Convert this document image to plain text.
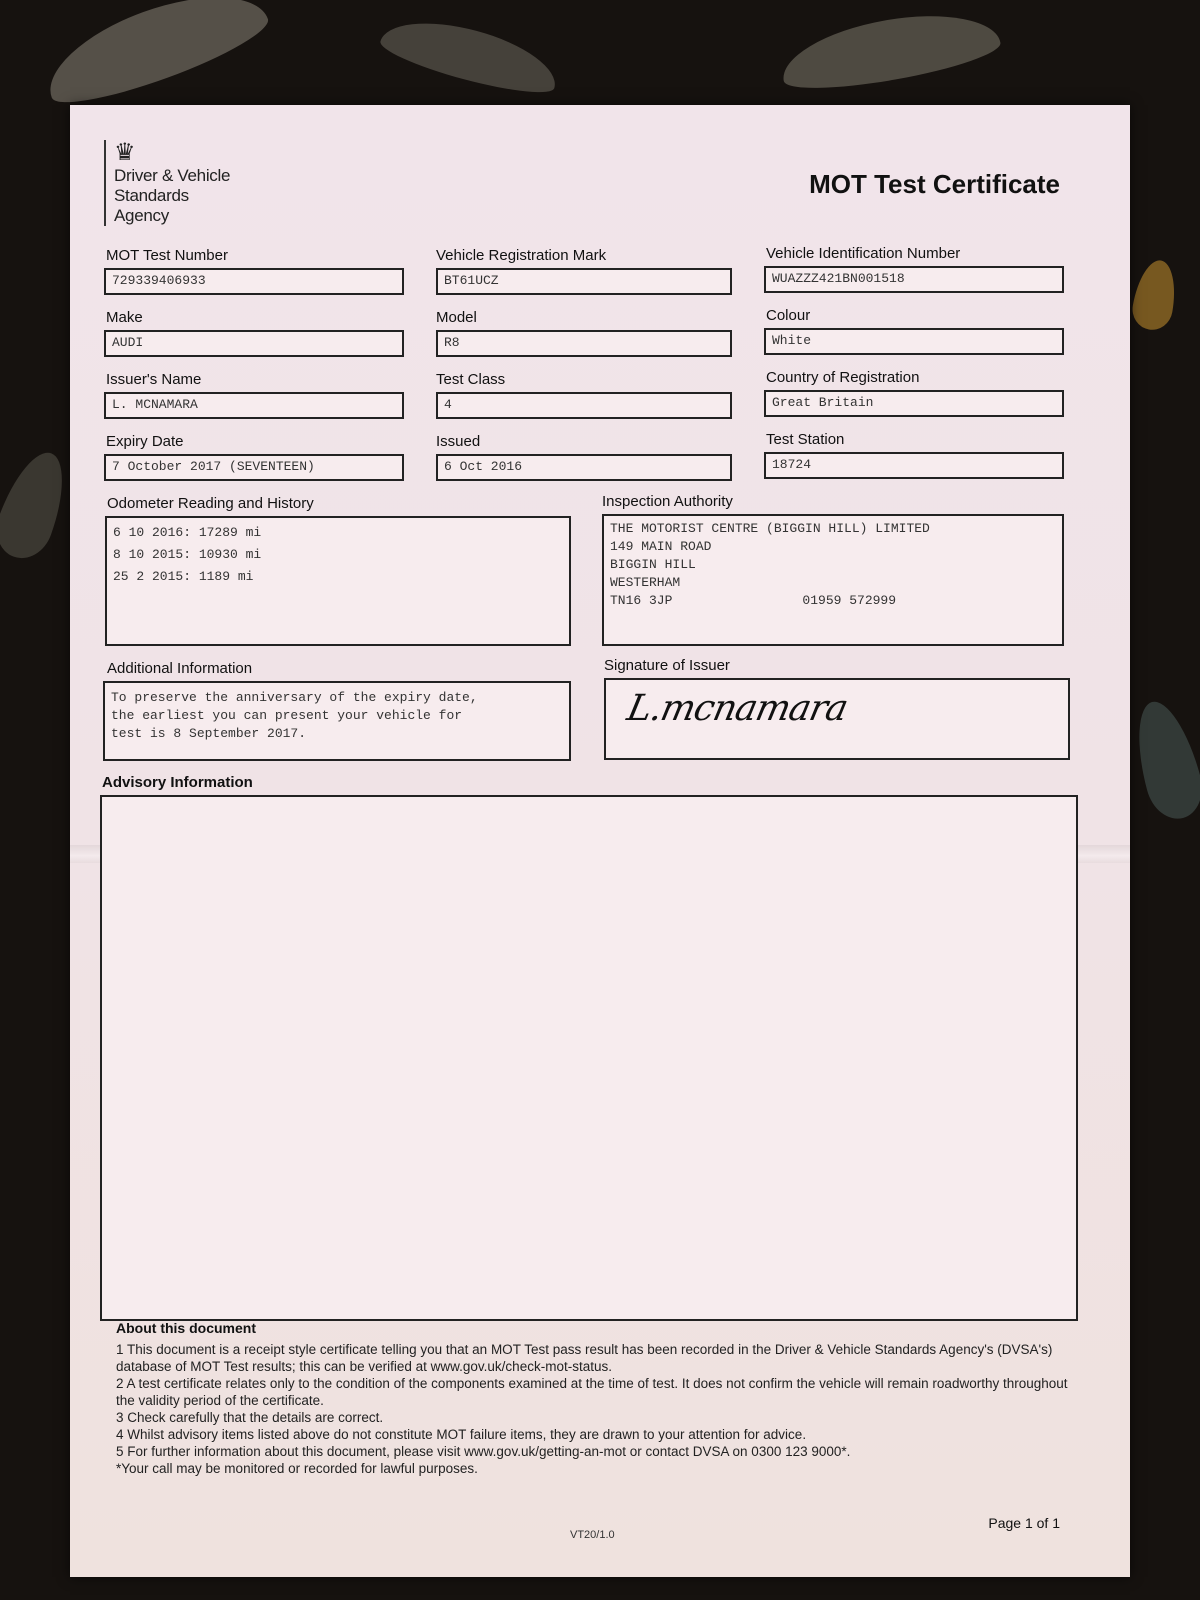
♛
Driver & Vehicle
Standards
Agency
MOT Test Certificate
MOT Test Number
729339406933
Vehicle Registration Mark
BT61UCZ
Vehicle Identification Number
WUAZZZ421BN001518
Make
AUDI
Model
R8
Colour
White
Issuer's Name
L. MCNAMARA
Test Class
4
Country of Registration
Great Britain
Expiry Date
7 October 2017 (SEVENTEEN)
Issued
6 Oct 2016
Test Station
18724
Odometer Reading and History
6 10 2016: 17289 mi
8 10 2015: 10930 mi
25 2 2015: 1189 mi
Inspection Authority
THE MOTORIST CENTRE (BIGGIN HILL) LIMITED
149 MAIN ROAD
BIGGIN HILL
WESTERHAM
TN16 3JP	01959 572999
Additional Information
To preserve the anniversary of the expiry date,
the earliest you can present your vehicle for
test is 8 September 2017.
Signature of Issuer
L.mcnamara
Advisory Information
About this document

1 This document is a receipt style certificate telling you that an MOT Test pass result has been recorded in the Driver & Vehicle Standards Agency's (DVSA's) database of MOT Test results; this can be verified at www.gov.uk/check-mot-status.

2 A test certificate relates only to the condition of the components examined at the time of test. It does not confirm the vehicle will remain roadworthy throughout the validity period of the certificate.

3 Check carefully that the details are correct.

4 Whilst advisory items listed above do not constitute MOT failure items, they are drawn to your attention for advice.

5 For further information about this document, please visit www.gov.uk/getting-an-mot or contact DVSA on 0300 123 9000*.

*Your call may be monitored or recorded for lawful purposes.

VT20/1.0
Page 1 of 1
